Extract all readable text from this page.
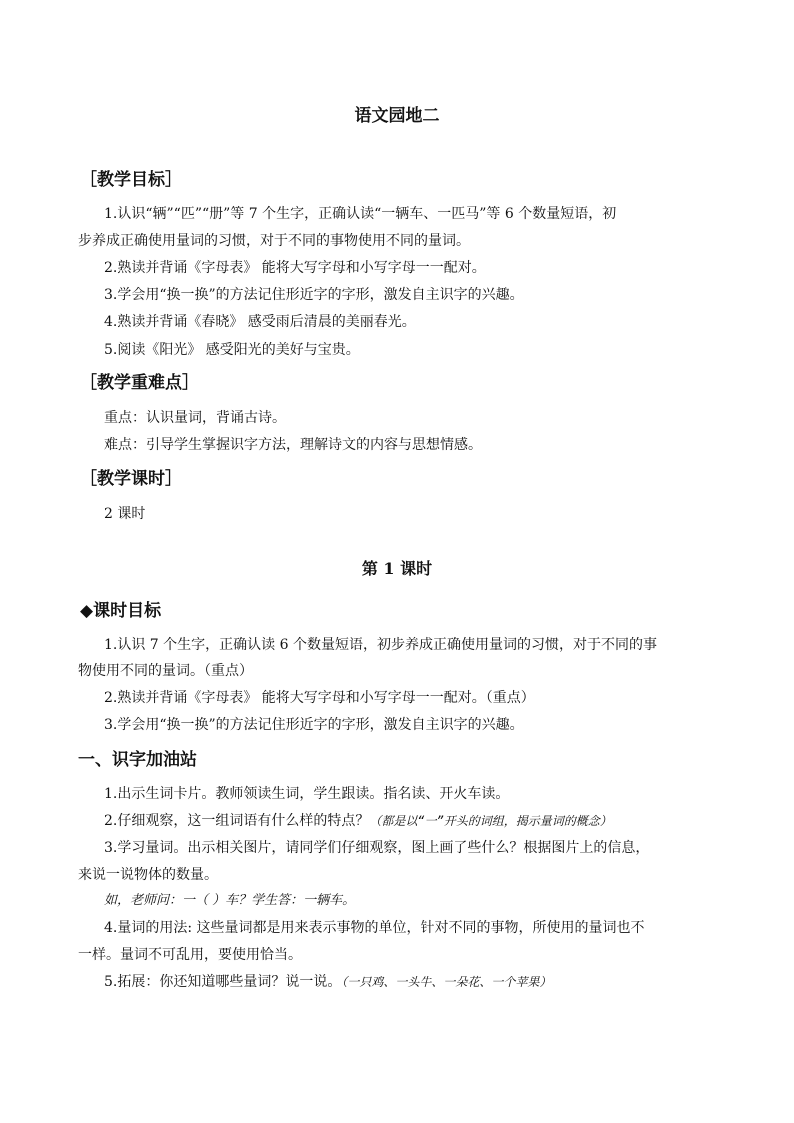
语文园地二
［教学目标］
1.认识“辆”“匹”“册”等 7 个生字，正确认读“一辆车、一匹马”等 6 个数量短语，初
步养成正确使用量词的习惯，对于不同的事物使用不同的量词。
2.熟读并背诵《字母表》 能将大写字母和小写字母一一配对。
3.学会用“换一换”的方法记住形近字的字形，激发自主识字的兴趣。
4.熟读并背诵《春晓》 感受雨后清晨的美丽春光。
5.阅读《阳光》 感受阳光的美好与宝贵。
［教学重难点］
重点：认识量词，背诵古诗。
难点：引导学生掌握识字方法，理解诗文的内容与思想情感。
［教学课时］
2 课时
第 1 课时
◆课时目标
1.认识 7 个生字，正确认读 6 个数量短语，初步养成正确使用量词的习惯，对于不同的事
物使用不同的量词。（重点）
2.熟读并背诵《字母表》 能将大写字母和小写字母一一配对。（重点）
3.学会用“换一换”的方法记住形近字的字形，激发自主识字的兴趣。
一、识字加油站
1.出示生词卡片。教师领读生词，学生跟读。指名读、开火车读。
2.仔细观察，这一组词语有什么样的特点？（都是以“一”开头的词组，揭示量词的概念）
3.学习量词。出示相关图片，请同学们仔细观察，图上画了些什么？根据图片上的信息，
来说一说物体的数量。
如，老师问：一（ ）车？学生答：一辆车。
4.量词的用法: 这些量词都是用来表示事物的单位，针对不同的事物，所使用的量词也不
一样。量词不可乱用，要使用恰当。
5.拓展：你还知道哪些量词？说一说。（一只鸡、一头牛、一朵花、一个苹果）
